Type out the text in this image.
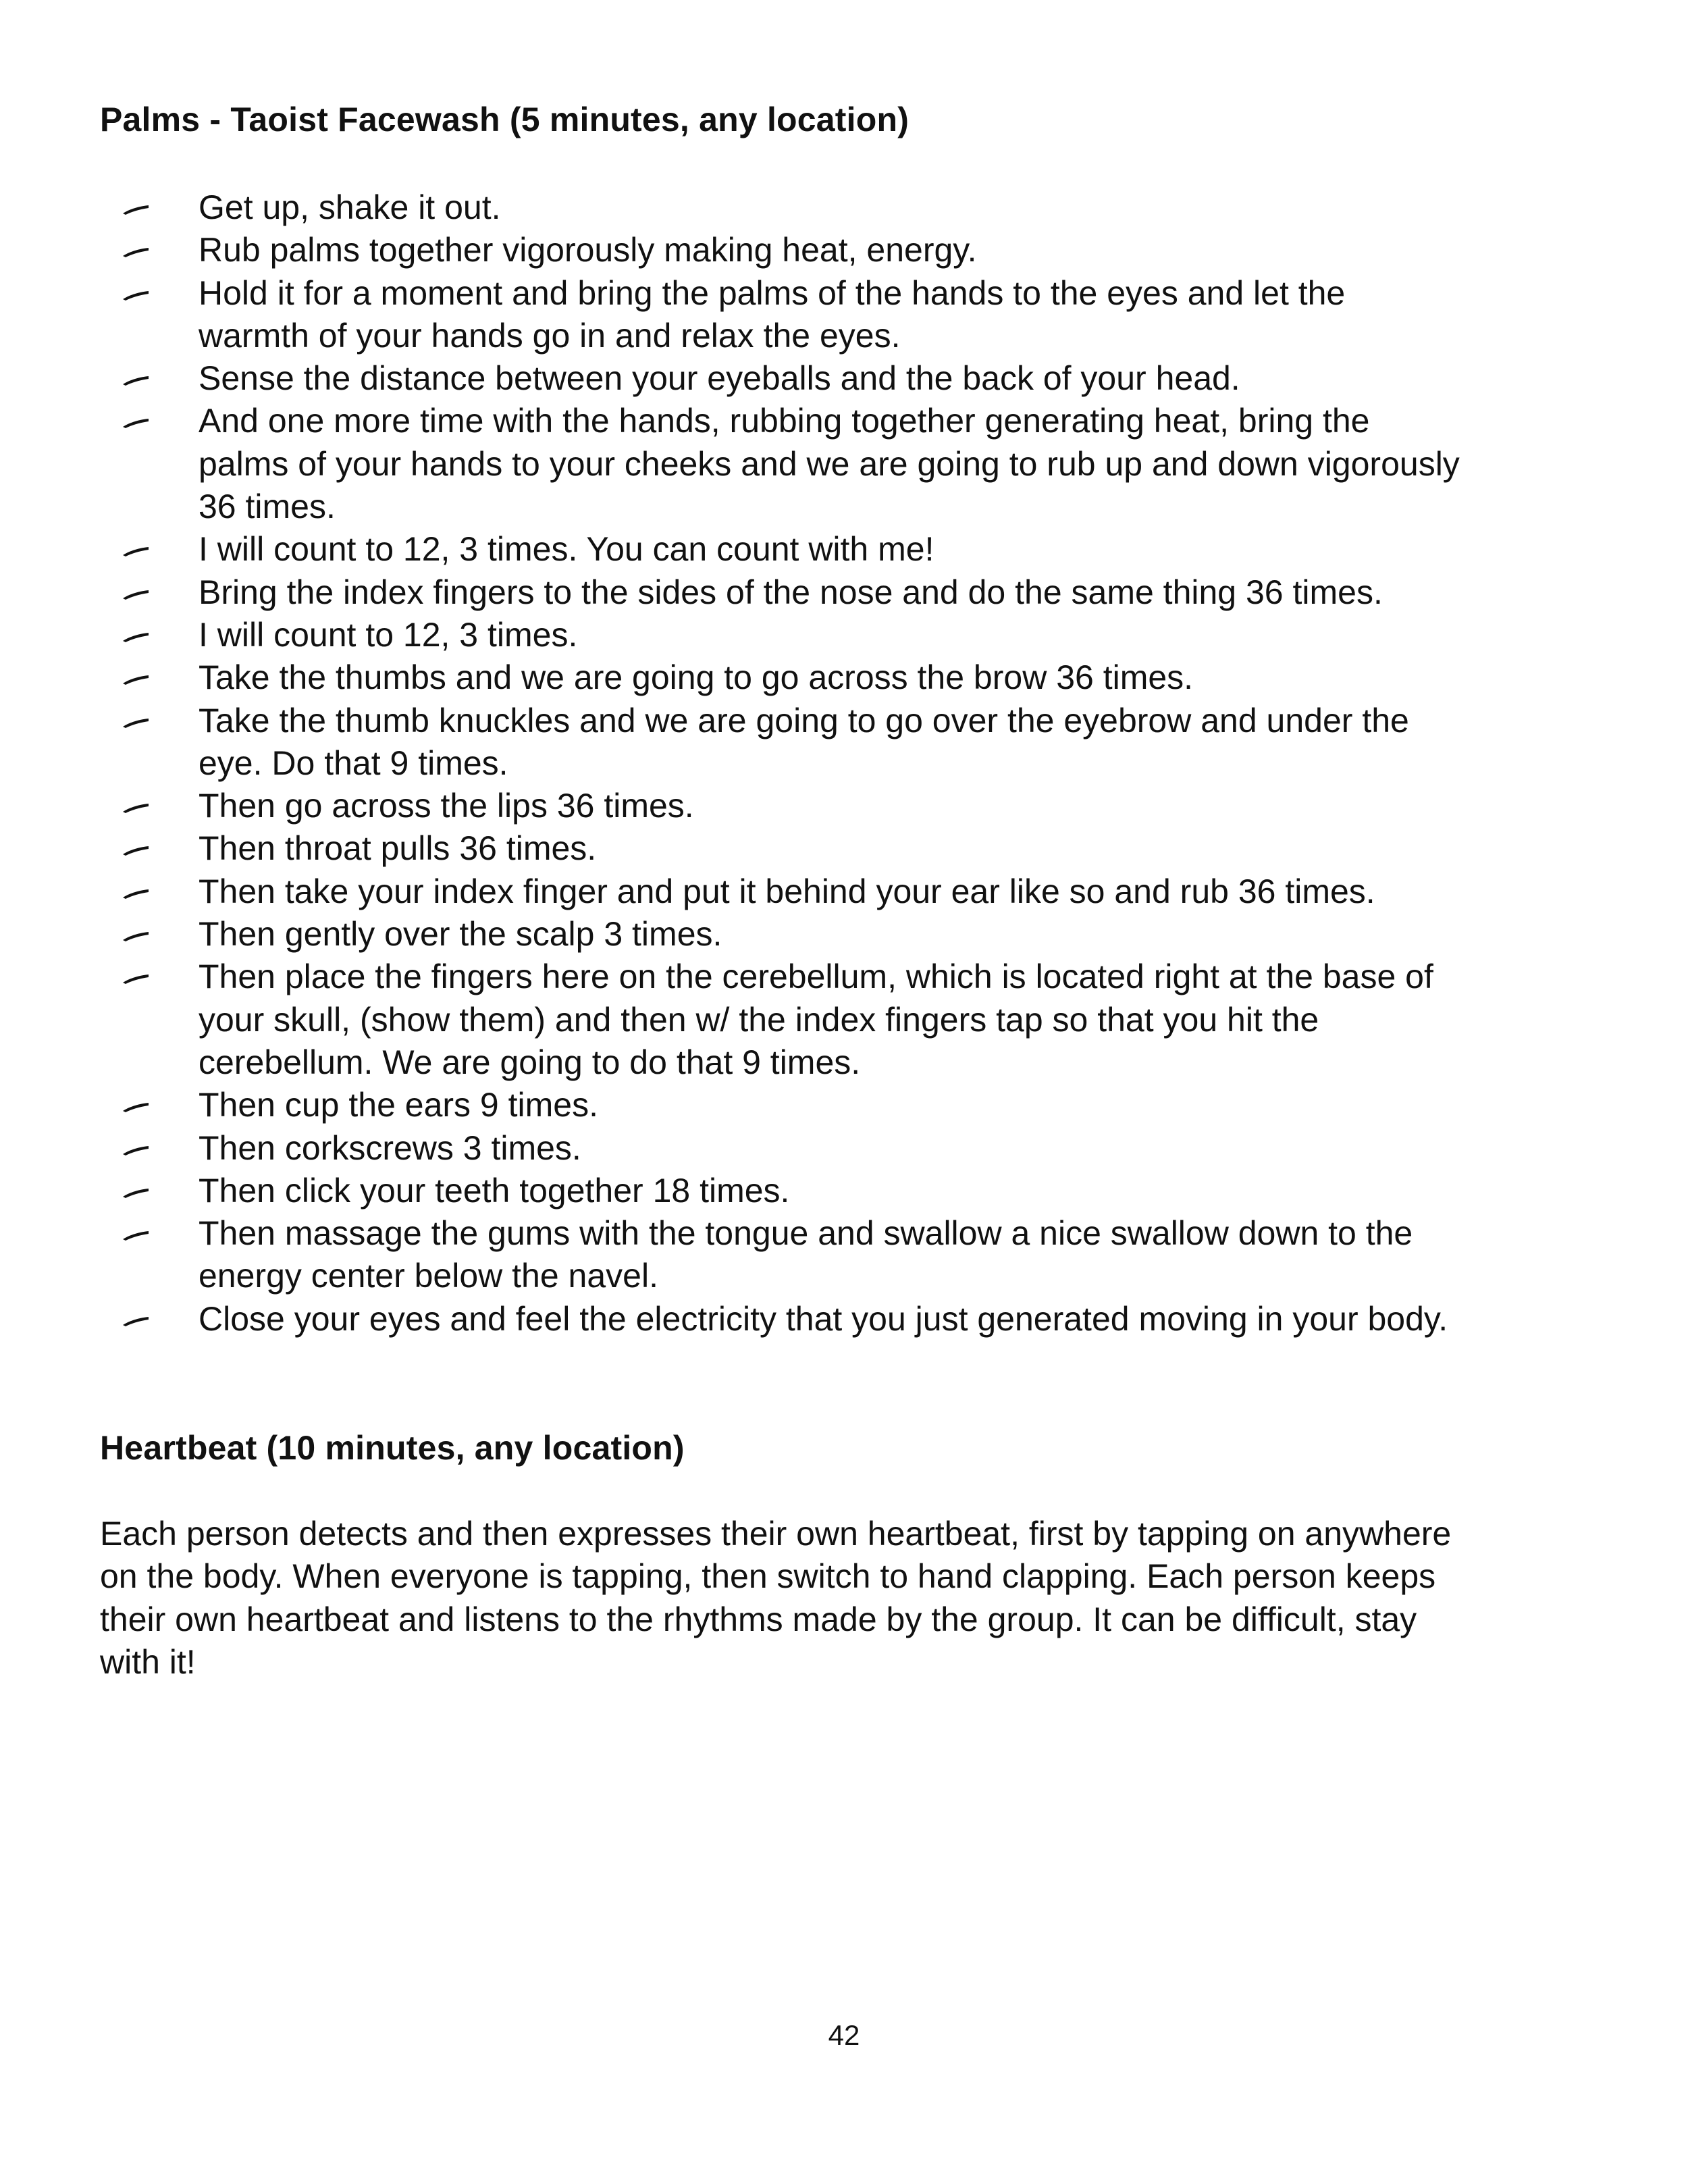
Palms - Taoist Facewash (5 minutes, any location)
Get up, shake it out.
Rub palms together vigorously making heat, energy.
Hold it for a moment and bring the palms of the hands to the eyes and let the
warmth of your hands go in and relax the eyes.
Sense the distance between your eyeballs and the back of your head.
And one more time with the hands, rubbing together generating heat, bring the
palms of your hands to your cheeks and we are going to rub up and down vigorously
36 times.
I will count to 12, 3 times. You can count with me!
Bring the index fingers to the sides of the nose and do the same thing 36 times.
I will count to 12, 3 times.
Take the thumbs and we are going to go across the brow 36 times.
Take the thumb knuckles and we are going to go over the eyebrow and under the
eye. Do that 9 times.
Then go across the lips 36 times.
Then throat pulls 36 times.
Then take your index finger and put it behind your ear like so and rub 36 times.
Then gently over the scalp 3 times.
Then place the fingers here on the cerebellum, which is located right at the base of
your skull, (show them) and then w/ the index fingers tap so that you hit the
cerebellum. We are going to do that 9 times.
Then cup the ears 9 times.
Then corkscrews 3 times.
Then click your teeth together 18 times.
Then massage the gums with the tongue and swallow a nice swallow down to the
energy center below the navel.
Close your eyes and feel the electricity that you just generated moving in your body.
Heartbeat (10 minutes, any location)

Each person detects and then expresses their own heartbeat, first by tapping on anywhere
on the body. When everyone is tapping, then switch to hand clapping. Each person keeps
their own heartbeat and listens to the rhythms made by the group. It can be difficult, stay
with it!

42
